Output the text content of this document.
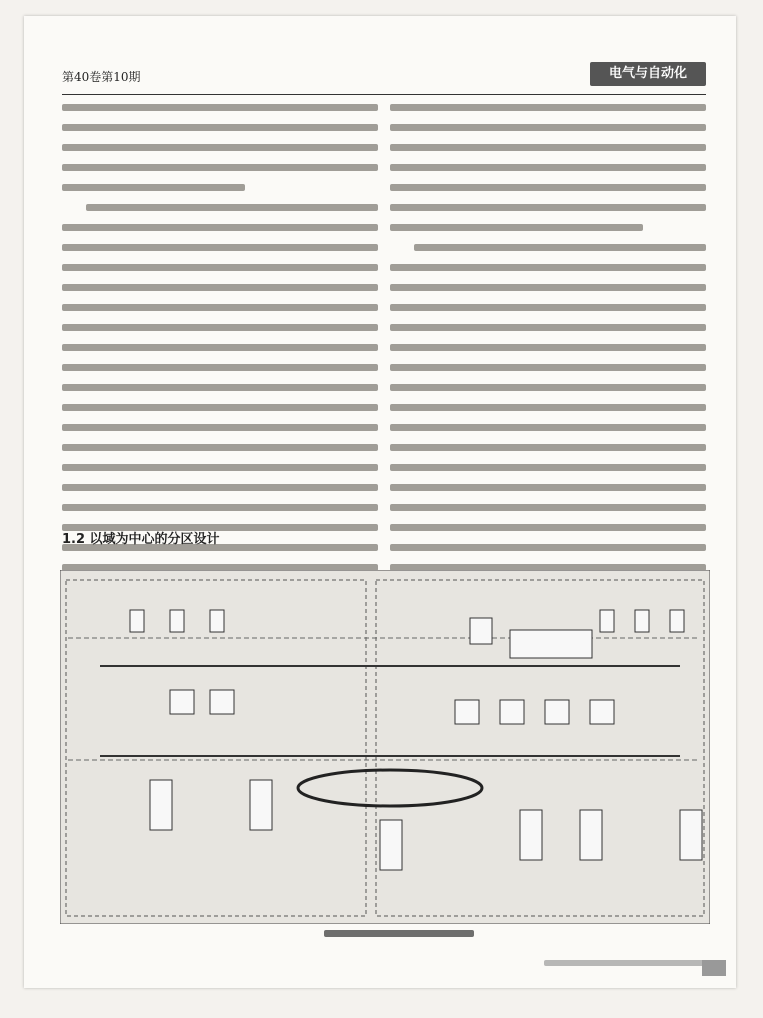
第40卷第10期	电气与自动化
1.2 以域为中心的分区设计
